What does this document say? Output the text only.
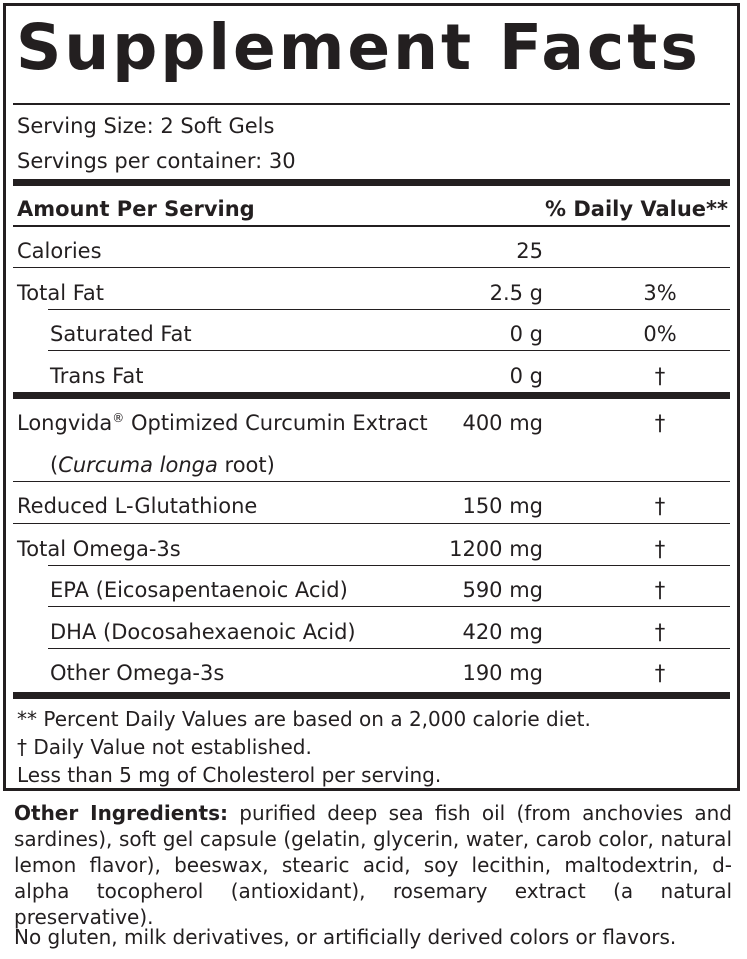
Supplement Facts
Serving Size: 2 Soft Gels
Servings per container: 30
Amount Per Serving	% Daily Value**
Calories	25
Total Fat	2.5 g	3%
Saturated Fat	0 g	0%
Trans Fat	0 g	†
Longvida® Optimized Curcumin Extract	400 mg	†
(Curcuma longa root)
Reduced L-Glutathione	150 mg	†
Total Omega-3s	1200 mg	†
EPA (Eicosapentaenoic Acid)	590 mg	†
DHA (Docosahexaenoic Acid)	420 mg	†
Other Omega-3s	190 mg	†
** Percent Daily Values are based on a 2,000 calorie diet.
† Daily Value not established.
Less than 5 mg of Cholesterol per serving.
Other Ingredients: purified deep sea fish oil (from anchovies and sardines), soft gel capsule (gelatin, glycerin, water, carob color, natural lemon flavor), beeswax, stearic acid, soy lecithin, maltodextrin, d-alpha tocopherol (antioxidant), rosemary extract (a natural preservative).
No gluten, milk derivatives, or artificially derived colors or flavors.
